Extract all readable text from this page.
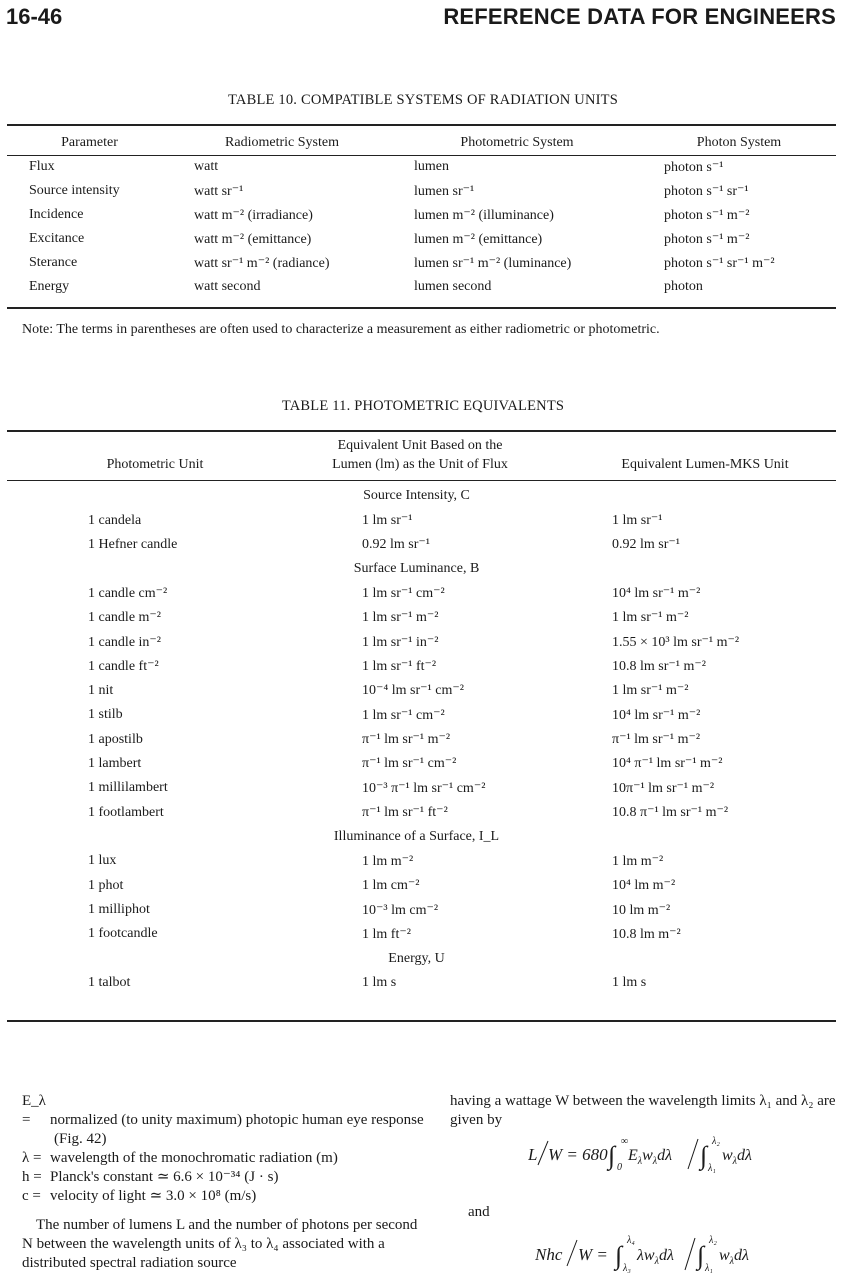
16-46	REFERENCE DATA FOR ENGINEERS
TABLE 10. COMPATIBLE SYSTEMS OF RADIATION UNITS
Parameter	Radiometric System	Photometric System	Photon System
Flux	watt	lumen	photon s⁻¹
Source intensity	watt sr⁻¹	lumen sr⁻¹	photon s⁻¹ sr⁻¹
Incidence	watt m⁻² (irradiance)	lumen m⁻² (illuminance)	photon s⁻¹ m⁻²
Excitance	watt m⁻² (emittance)	lumen m⁻² (emittance)	photon s⁻¹ m⁻²
Sterance	watt sr⁻¹ m⁻² (radiance)	lumen sr⁻¹ m⁻² (luminance)	photon s⁻¹ sr⁻¹ m⁻²
Energy	watt second	lumen second	photon
Note: The terms in parentheses are often used to characterize a measurement as either radiometric or photometric.
TABLE 11. PHOTOMETRIC EQUIVALENTS
Photometric Unit
Equivalent Unit Based on the
Lumen (lm) as the Unit of Flux	Equivalent Lumen-MKS Unit
Source Intensity, C		
1 candela	1 lm sr⁻¹	1 lm sr⁻¹
1 Hefner candle	0.92 lm sr⁻¹	0.92 lm sr⁻¹
Surface Luminance, B		
1 candle cm⁻²	1 lm sr⁻¹ cm⁻²	10⁴ lm sr⁻¹ m⁻²
1 candle m⁻²	1 lm sr⁻¹ m⁻²	1 lm sr⁻¹ m⁻²
1 candle in⁻²	1 lm sr⁻¹ in⁻²	1.55 × 10³ lm sr⁻¹ m⁻²
1 candle ft⁻²	1 lm sr⁻¹ ft⁻²	10.8 lm sr⁻¹ m⁻²
1 nit	10⁻⁴ lm sr⁻¹ cm⁻²	1 lm sr⁻¹ m⁻²
1 stilb	1 lm sr⁻¹ cm⁻²	10⁴ lm sr⁻¹ m⁻²
1 apostilb	π⁻¹ lm sr⁻¹ m⁻²	π⁻¹ lm sr⁻¹ m⁻²
1 lambert	π⁻¹ lm sr⁻¹ cm⁻²	10⁴ π⁻¹ lm sr⁻¹ m⁻²
1 millilambert	10⁻³ π⁻¹ lm sr⁻¹ cm⁻²	10π⁻¹ lm sr⁻¹ m⁻²
1 footlambert	π⁻¹ lm sr⁻¹ ft⁻²	10.8 π⁻¹ lm sr⁻¹ m⁻²
Illuminance of a Surface, I_L		
1 lux	1 lm m⁻²	1 lm m⁻²
1 phot	1 lm cm⁻²	10⁴ lm m⁻²
1 milliphot	10⁻³ lm cm⁻²	10 lm m⁻²
1 footcandle	1 lm ft⁻²	10.8 lm m⁻²
Energy, U		
1 talbot	1 lm s	1 lm s
E_λ = normalized (to unity maximum) photopic human eye response (Fig. 42)
λ = wavelength of the monochromatic radiation (m)
h = Planck's constant ≃ 6.6 × 10⁻³⁴ (J · s)
c = velocity of light ≃ 3.0 × 10⁸ (m/s)
The number of lumens L and the number of photons per second N between the wavelength units of λ₃ to λ₄ associated with a distributed spectral radiation source
having a wattage W between the wavelength limits λ₁ and λ₂ are given by
L W = 680 ∫ ∞
0
$E_\lambda w_\lambda d\lambda$ ∫ λ₂
λ₁
$w_\lambda d\lambda$
and
Nhc W = ∫
λ₄
λ₃
$\lambda w_\lambda d\lambda$ ∫
λ₂
λ₁
$w_\lambda d\lambda$
